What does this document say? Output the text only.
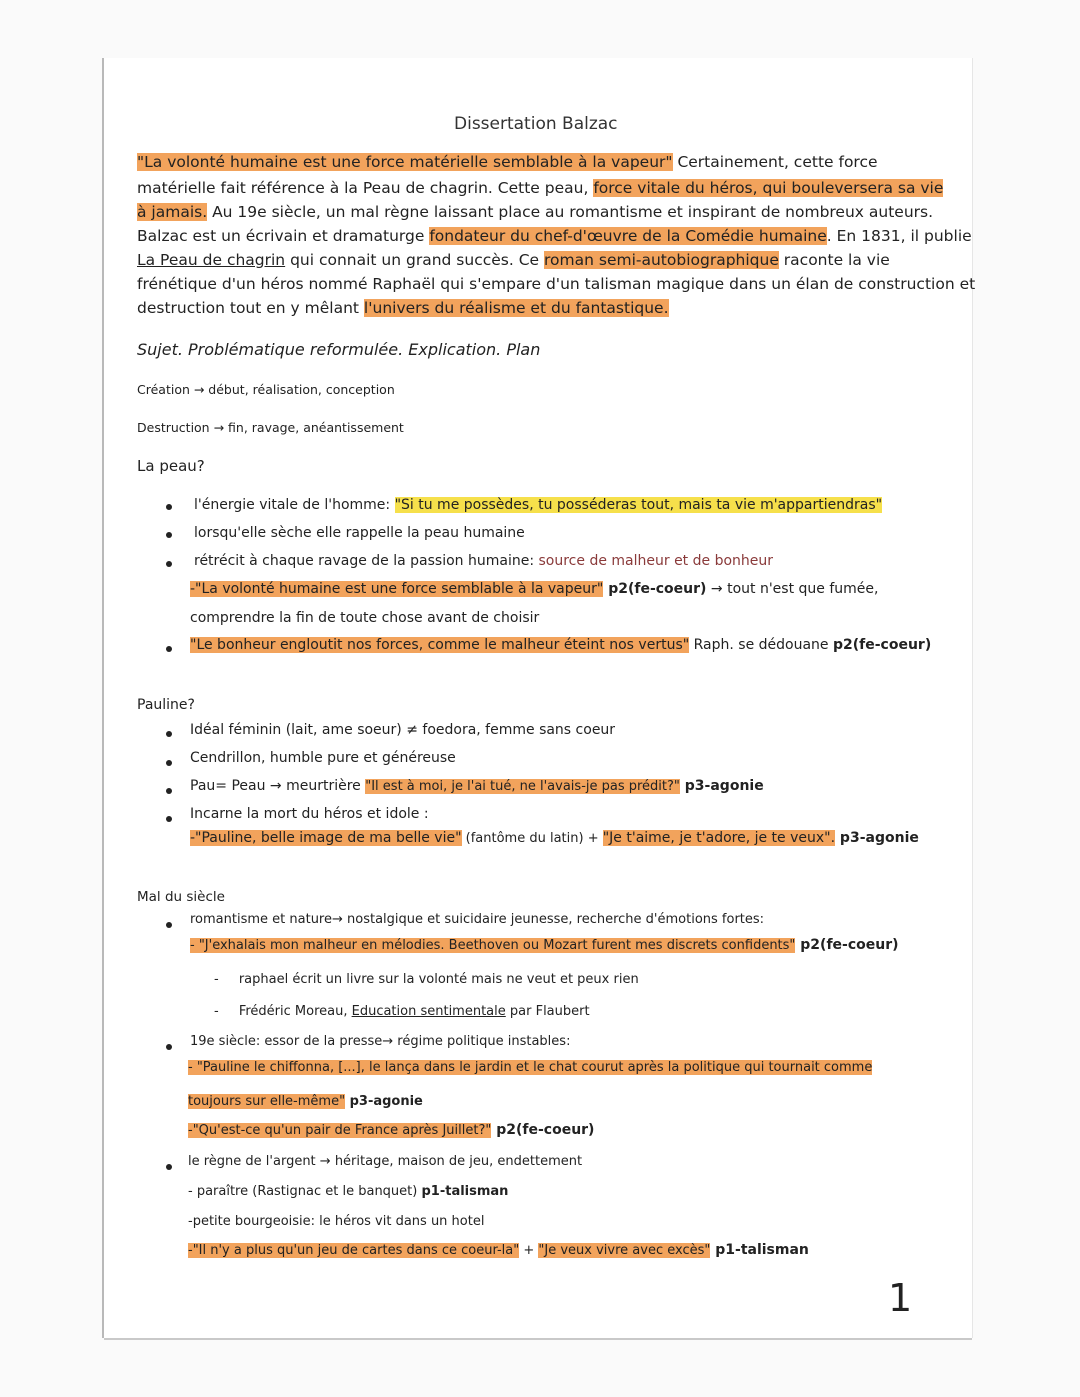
Dissertation Balzac
"La volonté humaine est une force matérielle semblable à la vapeur" Certainement, cette force
matérielle fait référence à la Peau de chagrin. Cette peau, force vitale du héros, qui bouleversera sa vie
à jamais. Au 19e siècle, un mal règne laissant place au romantisme et inspirant de nombreux auteurs.
Balzac est un écrivain et dramaturge fondateur du chef-d'œuvre de la Comédie humaine. En 1831, il publie
La Peau de chagrin qui connait un grand succès. Ce roman semi-autobiographique raconte la vie
frénétique d'un héros nommé Raphaël qui s'empare d'un talisman magique dans un élan de construction et
destruction tout en y mêlant l'univers du réalisme et du fantastique.
Sujet. Problématique reformulée. Explication. Plan
Création → début, réalisation, conception
Destruction → fin, ravage, anéantissement
La peau?
l'énergie vitale de l'homme: "Si tu me possèdes, tu posséderas tout, mais ta vie m'appartiendras"
lorsqu'elle sèche elle rappelle la peau humaine
rétrécit à chaque ravage de la passion humaine: source de malheur et de bonheur
-"La volonté humaine est une force semblable à la vapeur" p2(fe-coeur) → tout n'est que fumée,
comprendre la fin de toute chose avant de choisir
"Le bonheur engloutit nos forces, comme le malheur éteint nos vertus" Raph. se dédouane p2(fe-coeur)
Pauline?
Idéal féminin (lait, ame soeur) ≠ foedora, femme sans coeur
Cendrillon, humble pure et généreuse
Pau= Peau → meurtrière "Il est à moi, je l'ai tué, ne l'avais-je pas prédit?" p3-agonie
Incarne la mort du héros et idole :
-"Pauline, belle image de ma belle vie" (fantôme du latin) + "Je t'aime, je t'adore, je te veux". p3-agonie
Mal du siècle
romantisme et nature→ nostalgique et suicidaire jeunesse, recherche d'émotions fortes:
- "J'exhalais mon malheur en mélodies. Beethoven ou Mozart furent mes discrets confidents" p2(fe-coeur)
- raphael écrit un livre sur la volonté mais ne veut et peux rien
- Frédéric Moreau, Education sentimentale par Flaubert
19e siècle: essor de la presse→ régime politique instables:
- "Pauline le chiffonna, [...], le lança dans le jardin et le chat courut après la politique qui tournait comme
toujours sur elle-même" p3-agonie
-"Qu'est-ce qu'un pair de France après Juillet?" p2(fe-coeur)
le règne de l'argent → héritage, maison de jeu, endettement
- paraître (Rastignac et le banquet) p1-talisman
-petite bourgeoisie: le héros vit dans un hotel
-"Il n'y a plus qu'un jeu de cartes dans ce coeur-la" + "Je veux vivre avec excès" p1-talisman
1
